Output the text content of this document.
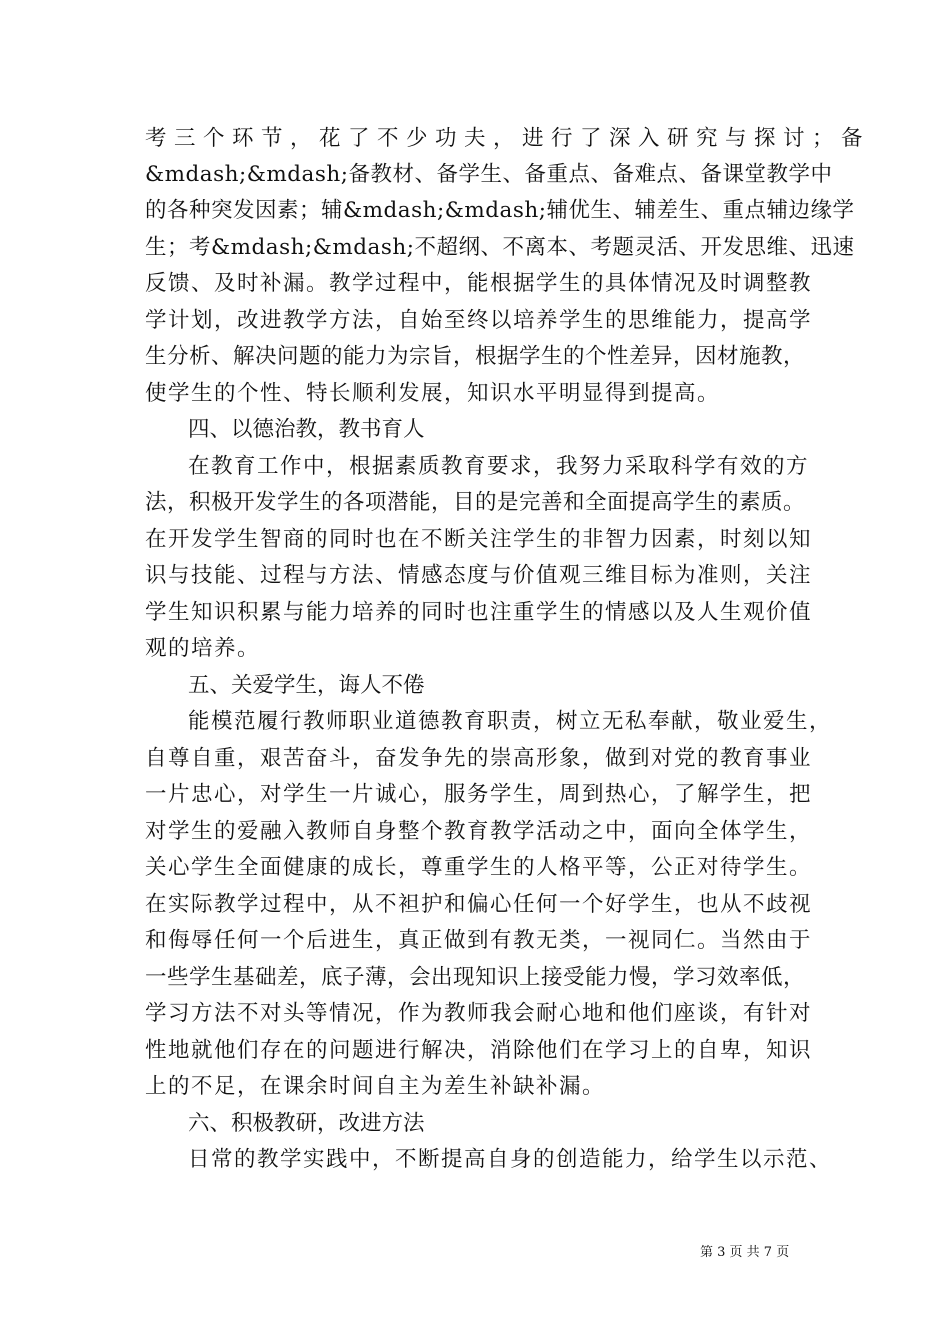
考三个环节，花了不少功夫，进行了深入研究与探讨；备
&mdash;&mdash;备教材、备学生、备重点、备难点、备课堂教学中
的各种突发因素；辅&mdash;&mdash;辅优生、辅差生、重点辅边缘学
生；考&mdash;&mdash;不超纲、不离本、考题灵活、开发思维、迅速
反馈、及时补漏。教学过程中，能根据学生的具体情况及时调整教
学计划，改进教学方法，自始至终以培养学生的思维能力，提高学
生分析、解决问题的能力为宗旨，根据学生的个性差异，因材施教，
使学生的个性、特长顺利发展，知识水平明显得到提高。
四、以德治教，教书育人
在教育工作中，根据素质教育要求，我努力采取科学有效的方
法，积极开发学生的各项潜能，目的是完善和全面提高学生的素质。
在开发学生智商的同时也在不断关注学生的非智力因素，时刻以知
识与技能、过程与方法、情感态度与价值观三维目标为准则，关注
学生知识积累与能力培养的同时也注重学生的情感以及人生观价值
观的培养。
五、关爱学生，诲人不倦
能模范履行教师职业道德教育职责，树立无私奉献，敬业爱生，
自尊自重，艰苦奋斗，奋发争先的崇高形象，做到对党的教育事业
一片忠心，对学生一片诚心，服务学生，周到热心，了解学生，把
对学生的爱融入教师自身整个教育教学活动之中，面向全体学生，
关心学生全面健康的成长，尊重学生的人格平等，公正对待学生。
在实际教学过程中，从不袒护和偏心任何一个好学生，也从不歧视
和侮辱任何一个后进生，真正做到有教无类，一视同仁。当然由于
一些学生基础差，底子薄，会出现知识上接受能力慢，学习效率低，
学习方法不对头等情况，作为教师我会耐心地和他们座谈，有针对
性地就他们存在的问题进行解决，消除他们在学习上的自卑，知识
上的不足，在课余时间自主为差生补缺补漏。
六、积极教研，改进方法
日常的教学实践中，不断提高自身的创造能力，给学生以示范、
第 3 页 共 7 页
